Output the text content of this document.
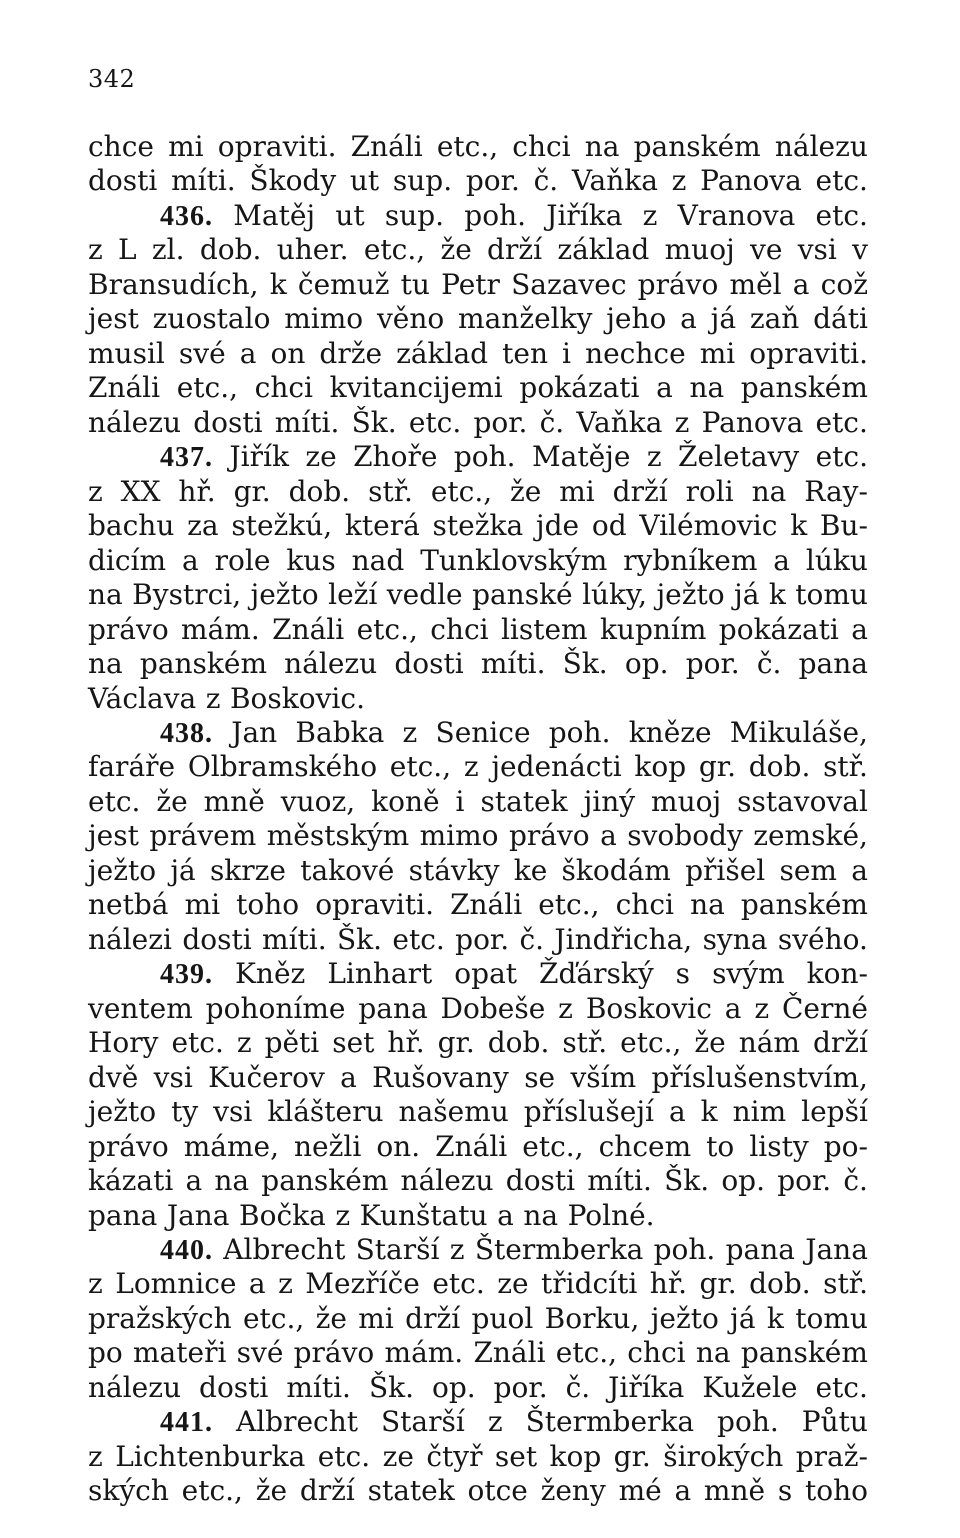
342
chce mi opraviti. Ználi etc., chci na panském nálezu
dosti míti. Škody ut sup. por. č. Vaňka z Panova etc.
436. Matěj ut sup. poh. Jiříka z Vranova etc.
z L zl. dob. uher. etc., že drží základ muoj ve vsi v
Bransudích, k čemuž tu Petr Sazavec právo měl a což
jest zuostalo mimo věno manželky jeho a já zaň dáti
musil své a on drže základ ten i nechce mi opraviti.
Ználi etc., chci kvitancijemi pokázati a na panském
nálezu dosti míti. Šk. etc. por. č. Vaňka z Panova etc.
437. Jiřík ze Zhoře poh. Matěje z Želetavy etc.
z XX hř. gr. dob. stř. etc., že mi drží roli na Ray-
bachu za stežkú, která stežka jde od Vilémovic k Bu-
dicím a role kus nad Tunklovským rybníkem a lúku
na Bystrci, ježto leží vedle panské lúky, ježto já k tomu
právo mám. Ználi etc., chci listem kupním pokázati a
na panském nálezu dosti míti. Šk. op. por. č. pana
Václava z Boskovic.
438. Jan Babka z Senice poh. kněze Mikuláše,
faráře Olbramského etc., z jedenácti kop gr. dob. stř.
etc. že mně vuoz, koně i statek jiný muoj sstavoval
jest právem městským mimo právo a svobody zemské,
ježto já skrze takové stávky ke škodám přišel sem a
netbá mi toho opraviti. Ználi etc., chci na panském
nálezi dosti míti. Šk. etc. por. č. Jindřicha, syna svého.
439. Kněz Linhart opat Žďárský s svým kon-
ventem pohoníme pana Dobeše z Boskovic a z Černé
Hory etc. z pěti set hř. gr. dob. stř. etc., že nám drží
dvě vsi Kučerov a Rušovany se vším příslušenstvím,
ježto ty vsi klášteru našemu příslušejí a k nim lepší
právo máme, nežli on. Ználi etc., chcem to listy po-
kázati a na panském nálezu dosti míti. Šk. op. por. č.
pana Jana Bočka z Kunštatu a na Polné.
440. Albrecht Starší z Štermberka poh. pana Jana
z Lomnice a z Mezříče etc. ze třidcíti hř. gr. dob. stř.
pražských etc., že mi drží puol Borku, ježto já k tomu
po mateři své právo mám. Ználi etc., chci na panském
nálezu dosti míti. Šk. op. por. č. Jiříka Kužele etc.
441. Albrecht Starší z Štermberka poh. Půtu
z Lichtenburka etc. ze čtyř set kop gr. širokých praž-
ských etc., že drží statek otce ženy mé a mně s toho
